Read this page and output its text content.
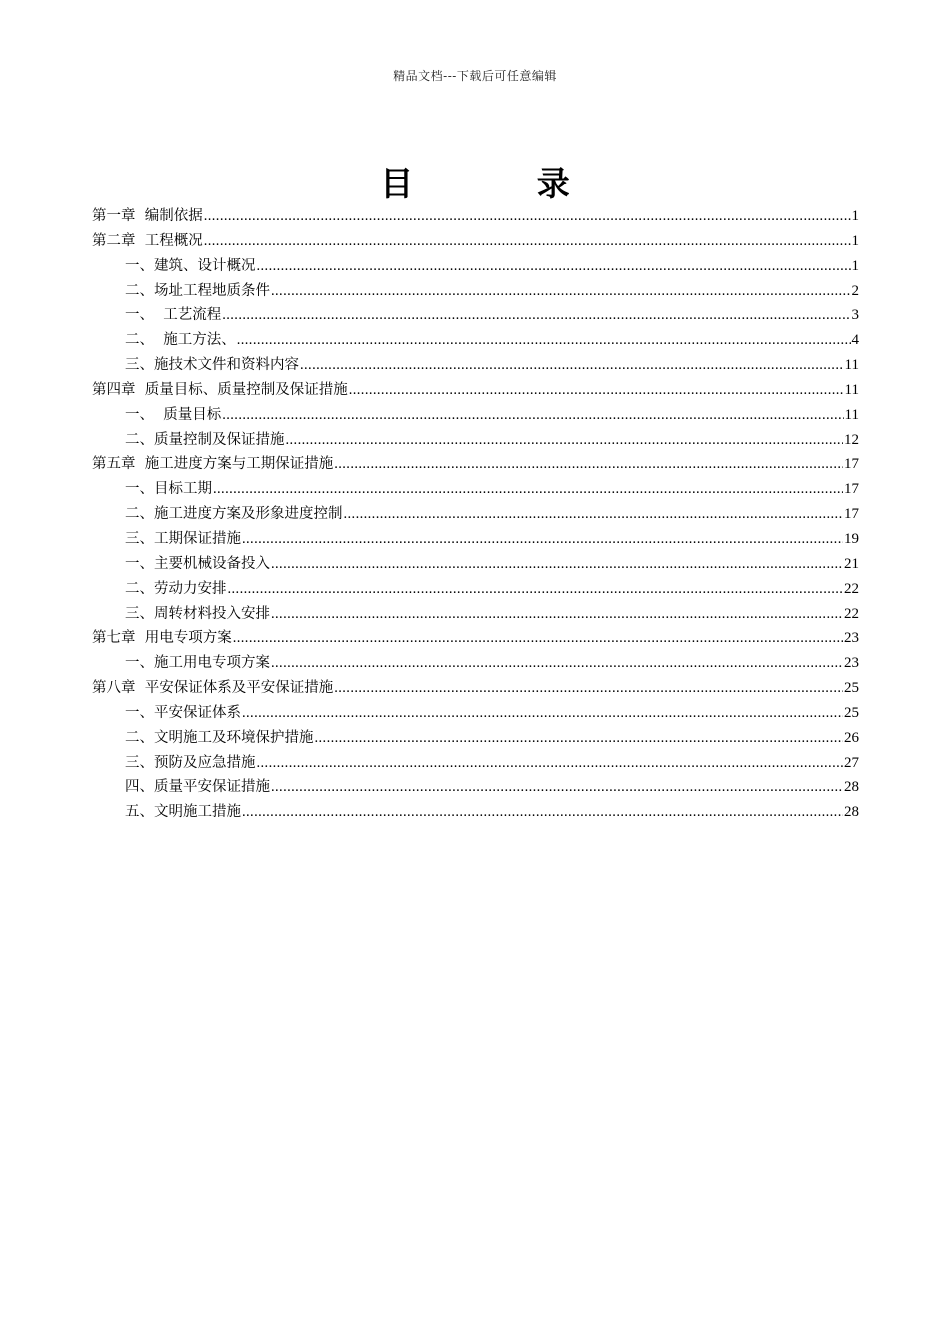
精品文档---下载后可任意编辑
目 录
第一章  编制依据 .....	1
第二章  工程概况 .....	1
一、建筑、设计概况 .....	1
二、场址工程地质条件 .....	2
一、  工艺流程 .....	3
二、  施工方法、 .....	4
三、施技术文件和资料内容 .....	11
第四章  质量目标、质量控制及保证措施 .....	11
一、  质量目标 .....	11
二、质量控制及保证措施 .....	12
第五章  施工进度方案与工期保证措施 .....	17
一、目标工期 .....	17
二、施工进度方案及形象进度控制 .....	17
三、工期保证措施 .....	19
一、主要机械设备投入 .....	21
二、劳动力安排 .....	22
三、周转材料投入安排 .....	22
第七章  用电专项方案 .....	23
一、施工用电专项方案 .....	23
第八章  平安保证体系及平安保证措施 .....	25
一、平安保证体系 .....	25
二、文明施工及环境保护措施 .....	26
三、预防及应急措施 .....	27
四、质量平安保证措施 .....	28
五、文明施工措施 .....	28
